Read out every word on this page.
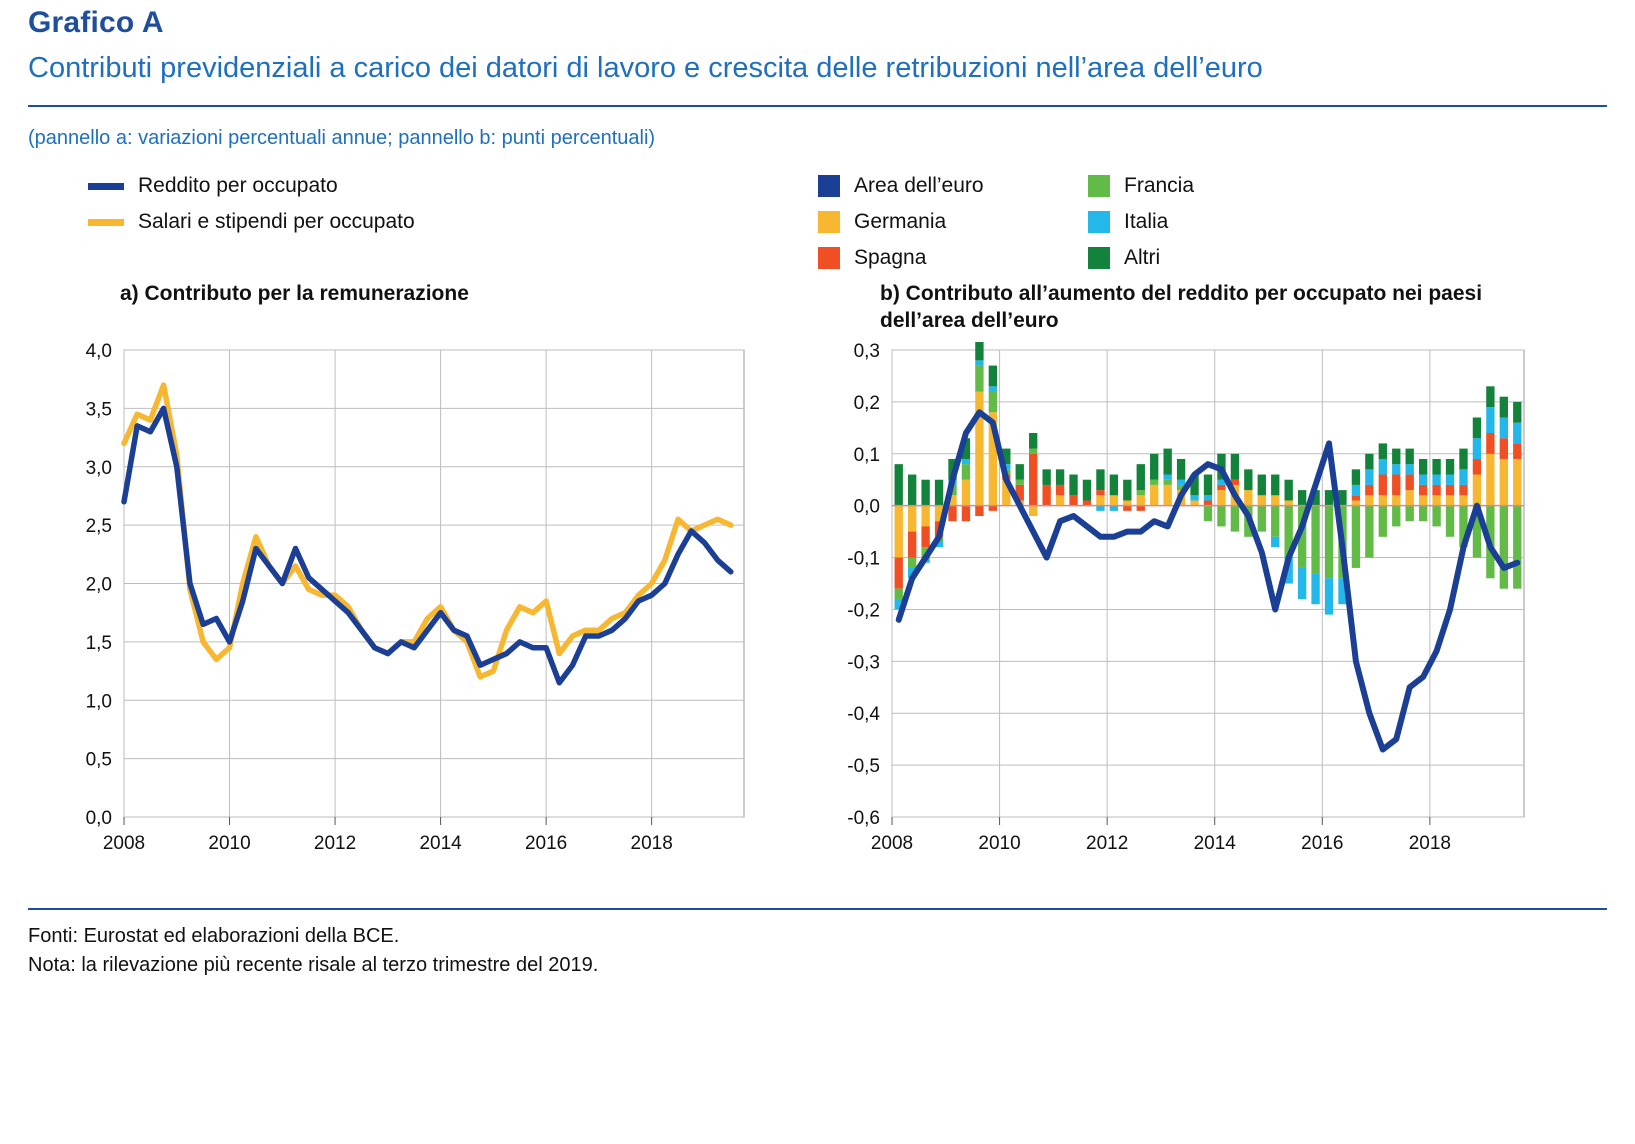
Grafico A
Contributi previdenziali a carico dei datori di lavoro e crescita delle retribuzioni nell’area dell’euro
(pannello a: variazioni percentuali annue; pannello b: punti percentuali)
Reddito per occupato
Salari e stipendi per occupato
Area dell’euro	Francia
Germania	Italia
Spagna	Altri
a) Contributo per la remunerazione
0,0
0,5
1,0
1,5
2,0
2,5
3,0
3,5
4,0
2008	2010	2012	2014	2016	2018
b) Contributo all’aumento del reddito per occupato nei paesi dell’area dell’euro
-0,6
-0,5
-0,4
-0,3
-0,2
-0,1
0,0
0,1
0,2
0,3
2008	2010	2012	2014	2016	2018
Fonti: Eurostat ed elaborazioni della BCE.
Nota: la rilevazione più recente risale al terzo trimestre del 2019.
